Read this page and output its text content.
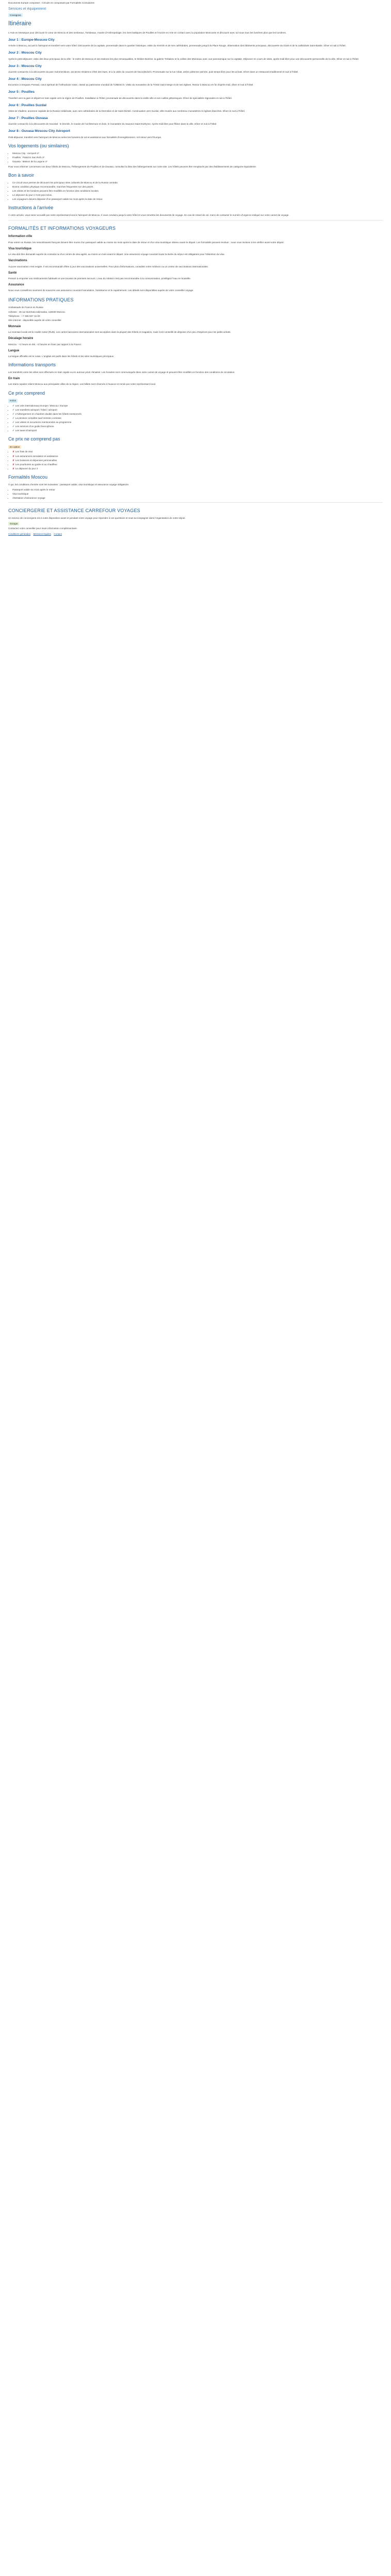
Documents Europe composez ; Circuits en composant par Formalités Consulaires

Services et équipement
Consignes
Itinéraire

L'Asie en Mosaïque pour découvrir le cœur de Moscou et des tombeaux, Tombeaux, musée d'Anthropologie, les rives baltiques de Pouilles et l'Aurore en Arte en contact avec la population Moscovite et découvrir avec soi sous tous les lumières plus que les lumières.

Jour 1 : Europe-Moscou City

Arrivée à Moscou, accueil à l'aéroport et transfert vers votre hôtel. Découverte de la capitale, promenade dans le quartier historique, visite du Kremlin et de ses cathédrales, promenade jusqu'à la Place Rouge, observation des bâtiments principaux, découverte du GUM et de la cathédrale Saint-Basile. Dîner et nuit à l'hôtel.

Jour 2 : Moscou City

Après le petit-déjeuner, visite des lieux principaux de la ville : le métro de Moscou et ses stations les plus remarquables, le théâtre Bolchoï, la galerie Trétiakov et la colline des Moineaux avec vue panoramique sur la capitale. Déjeuner en cours de visite, après-midi libre pour une découverte personnelle de la ville. Dîner et nuit à l'hôtel.

Jour 3 : Moscou City

Journée consacrée à la découverte du parc Kolomenskoïe, ancienne résidence d'été des tsars, et à la visite du couvent de Novodievitchi. Promenade sur la rue Arbat, artère piétonne animée, puis temps libre pour les achats. Dîner dans un restaurant traditionnel et nuit à l'hôtel.

Jour 4 : Moscou City

Excursion à Serguiev Possad, cœur spirituel de l'orthodoxie russe, classé au patrimoine mondial de l'UNESCO. Visite du monastère de la Trinité Saint-Serge et de ses églises. Retour à Moscou en fin d'après-midi, dîner et nuit à l'hôtel.

Jour 5 : Pouilles

Transfert vers la gare et départ en train rapide vers la région de Pouilles. Installation à l'hôtel, promenade de découverte dans la vieille ville et ses ruelles pittoresques. Dîner de spécialités régionales et nuit à l'hôtel.

Jour 6 : Pouilles Suzdal

Visite de Vladimir, ancienne capitale de la Russie médiévale, avec ses cathédrales de la Dormition et de Saint-Dimitri. Continuation vers Suzdal, ville-musée aux nombreux monastères et églises blanches. Dîner et nuit à l'hôtel.

Jour 7 : Pouilles Ouvasa

Journée consacrée à la découverte de Souzdal : le kremlin, le musée de l'architecture en bois, le monastère du Sauveur-Saint-Euthyme. Après-midi libre pour flâner dans la ville. Dîner et nuit à l'hôtel.

Jour 8 : Ouvasa Moscou City Aéroport

Petit-déjeuner, transfert vers l'aéroport de Moscou selon les horaires de vol et assistance aux formalités d'enregistrement. Vol retour vers l'Europe.

Vos logements (ou similaires)
• Moscou City : Aeroport 4*
• Pouilles : Palazzo San Rufo 3*
• Ouvasa : Maison de la Lagune 4*

Pour vous informer concernant nos deux hôtels de Moscou, l'hébergement de Pouilles et de Ouvasa, consultez la liste des hébergements sur notre site. Les hôtels peuvent être remplacés par des établissements de catégorie équivalente.

Bon à savoir
• Ce circuit vous permet de découvrir les principaux sites culturels de Moscou et de la Russie centrale.
• Bonne condition physique recommandée, marches fréquentes sur des pavés.
• Les visites et les horaires peuvent être modifiés en fonction des conditions locales.
• Le déjeuner du jour 2 n'est pas inclus.
• Les voyageurs doivent disposer d'un passeport valide six mois après la date de retour.
Instructions à l'arrivée

À votre arrivée, vous serez accueilli par notre représentant local à l'aéroport de Moscou. Il vous conduira jusqu'à votre hôtel et vous remettra les documents de voyage. En cas de retard de vol, merci de contacter le numéro d'urgence indiqué sur votre carnet de voyage.

FORMALITÉS ET INFORMATIONS VOYAGEURS
Information ville

Pour entrer en Russie, les ressortissants français doivent être munis d'un passeport valide au moins six mois après la date de retour et d'un visa touristique obtenu avant le départ. Les formalités peuvent évoluer ; nous vous invitons à les vérifier avant votre départ.

Visa touristique

Le visa doit être demandé auprès du consulat ou d'un centre de visa agréé, au moins un mois avant le départ. Une assurance voyage couvrant toute la durée du séjour est obligatoire pour l'obtention du visa.

Vaccinations

Aucune vaccination n'est exigée. Il est recommandé d'être à jour des vaccinations universelles. Pour plus d'informations, consultez votre médecin ou un centre de vaccinations internationales.

Santé

Pensez à emporter vos médicaments habituels et une trousse de premiers secours. L'eau du robinet n'est pas recommandée à la consommation, privilégiez l'eau en bouteille.

Assurance

Nous vous conseillons vivement de souscrire une assurance couvrant l'annulation, l'assistance et le rapatriement. Les détails sont disponibles auprès de votre conseiller voyage.

INFORMATIONS PRATIQUES

Ambassade de France en Russie

Adresse : 45 rue Bolchaïa Iakimanka, 119049 Moscou

Téléphone : +7 495 937 15 00

Site internet : disponible auprès de votre conseiller

Monnaie

La monnaie locale est le rouble russe (RUB). Les cartes bancaires internationales sont acceptées dans la plupart des hôtels et magasins, mais il est conseillé de disposer d'un peu d'espèces pour les petits achats.

Décalage horaire

Moscou : +1 heure en été, +2 heures en hiver par rapport à la France.

Langue

La langue officielle est le russe. L'anglais est parlé dans les hôtels et les sites touristiques principaux.

Informations transports

Les transferts entre les villes sont effectués en train rapide ou en autocar privé climatisé. Les horaires sont communiqués dans votre carnet de voyage et peuvent être modifiés en fonction des conditions de circulation.

En train

Les trains rapides relient Moscou aux principales villes de la région. Les billets sont réservés à l'avance et remis par notre représentant local.

Ce prix comprend
Inclus
• ✔ Les vols internationaux Europe / Moscou / Europe
• ✔ Les transferts aéroport / hôtel / aéroport
• ✔ L'hébergement en chambre double dans les hôtels mentionnés
• ✔ La pension complète sauf mention contraire
• ✔ Les visites et excursions mentionnées au programme
• ✔ Les services d'un guide francophone
• ✔ Les taxes d'aéroport
Ce prix ne comprend pas
En option
• ✘ Les frais de visa
• ✘ Les assurances annulation et assistance
• ✘ Les boissons et dépenses personnelles
• ✘ Les pourboires au guide et au chauffeur
• ✘ Le déjeuner du jour 2
Formalités Moscou

À qui, les conditions d'entrée sont les suivantes : passeport valide, visa touristique et assurance voyage obligatoire.

• Passeport valide six mois après le retour
• Visa touristique
• Attestation d'assurance voyage
CONCIERGERIE ET ASSISTANCE CARREFOUR VOYAGES

Un service de conciergerie est à votre disposition avant et pendant votre voyage pour répondre à vos questions et vous accompagner dans l'organisation de votre séjour.

Groupe

Contactez votre conseiller pour toute information complémentaire.

Conditions générales Mentions légales Contact
